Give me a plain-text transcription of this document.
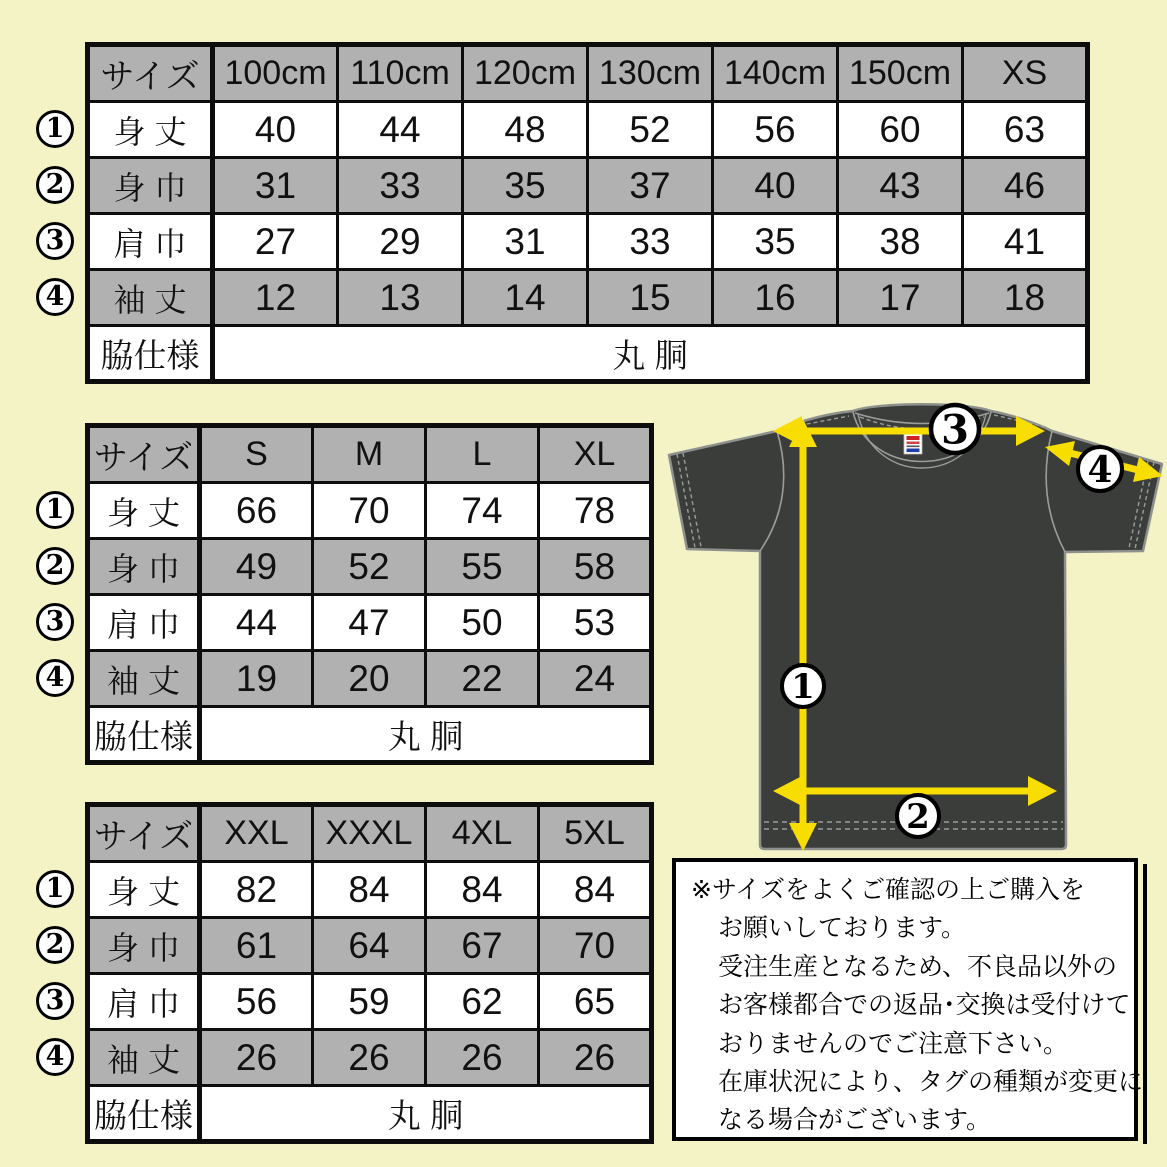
1
2
3
4
サイズ	100cm	110cm	120cm	130cm	140cm	150cm	XS
身 丈	40	44	48	52	56	60	63
身 巾	31	33	35	37	40	43	46
肩 巾	27	29	31	33	35	38	41
袖 丈	12	13	14	15	16	17	18
脇仕様	丸 胴						
1
2
3
4
サイズ	S	M	L	XL
身 丈	66	70	74	78
身 巾	49	52	55	58
肩 巾	44	47	50	53
袖 丈	19	20	22	24
脇仕様	丸 胴			
1
2
3
4
サイズ	XXL	XXXL	4XL	5XL
身 丈	82	84	84	84
身 巾	61	64	67	70
肩 巾	56	59	62	65
袖 丈	26	26	26	26
脇仕様	丸 胴			
1
2
3
4
※サイズをよくご確認の上ご購入を
お願いしております。
受注生産となるため、不良品以外の
お客様都合での返品･交換は受付けて
おりませんのでご注意下さい。
在庫状況により、タグの種類が変更に
なる場合がございます。
